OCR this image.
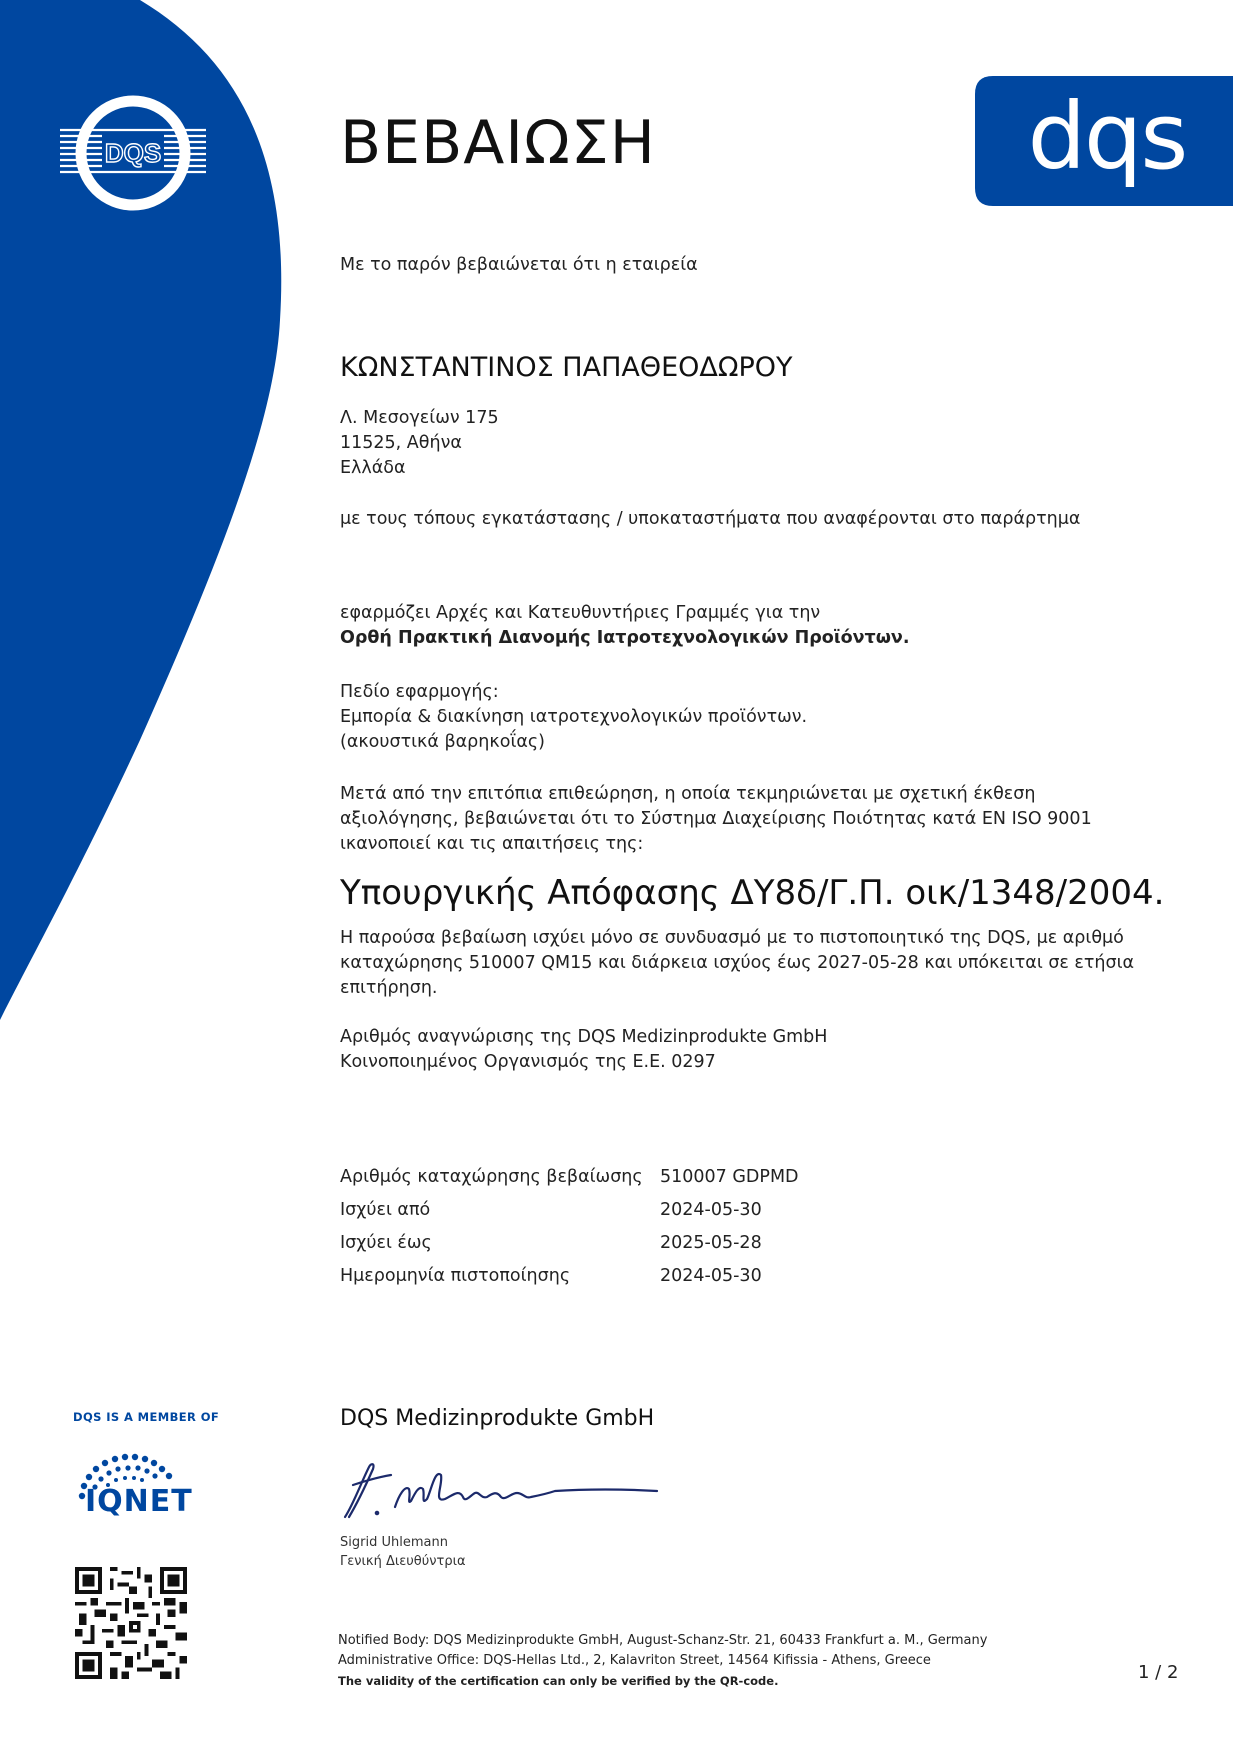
DQS	dqs
ΒΕΒΑΙΩΣΗ
Με το παρόν βεβαιώνεται ότι η εταιρεία
ΚΩΝΣΤΑΝΤΙΝΟΣ ΠΑΠΑΘΕΟΔΩΡΟΥ
Λ. Μεσογείων 175
11525, Αθήνα
Ελλάδα
με τους τόπους εγκατάστασης / υποκαταστήματα που αναφέρονται στο παράρτημα
εφαρμόζει Αρχές και Κατευθυντήριες Γραμμές για την
Ορθή Πρακτική Διανομής Ιατροτεχνολογικών Προϊόντων.
Πεδίο εφαρμογής:
Εμπορία & διακίνηση ιατροτεχνολογικών προϊόντων.
(ακουστικά βαρηκοΐας)
Μετά από την επιτόπια επιθεώρηση, η οποία τεκμηριώνεται με σχετική έκθεση
αξιολόγησης, βεβαιώνεται ότι το Σύστημα Διαχείρισης Ποιότητας κατά EN ISO 9001
ικανοποιεί και τις απαιτήσεις της:
Υπουργικής Απόφασης ΔΥ8δ/Γ.Π. οικ/1348/2004.
Η παρούσα βεβαίωση ισχύει μόνο σε συνδυασμό με το πιστοποιητικό της DQS, με αριθμό
καταχώρησης 510007 QM15 και διάρκεια ισχύος έως 2027-05-28 και υπόκειται σε ετήσια
επιτήρηση.
Αριθμός αναγνώρισης της DQS Medizinprodukte GmbH
Κοινοποιημένος Οργανισμός της Ε.Ε. 0297
Αριθμός καταχώρησης βεβαίωσης 510007 GDPMD
Ισχύει από	2024-05-30
Ισχύει έως	2025-05-28
Ημερομηνία πιστοποίησης	2024-05-30
DQS IS A MEMBER OF
IQNET
DQS Medizinprodukte GmbH
Sigrid Uhlemann
Γενική Διευθύντρια
Notified Body: DQS Medizinprodukte GmbH, August-Schanz-Str. 21, 60433 Frankfurt a. M., Germany
Administrative Office: DQS-Hellas Ltd., 2, Kalavriton Street, 14564 Kifissia - Athens, Greece
The validity of the certification can only be verified by the QR-code.	1 / 2
